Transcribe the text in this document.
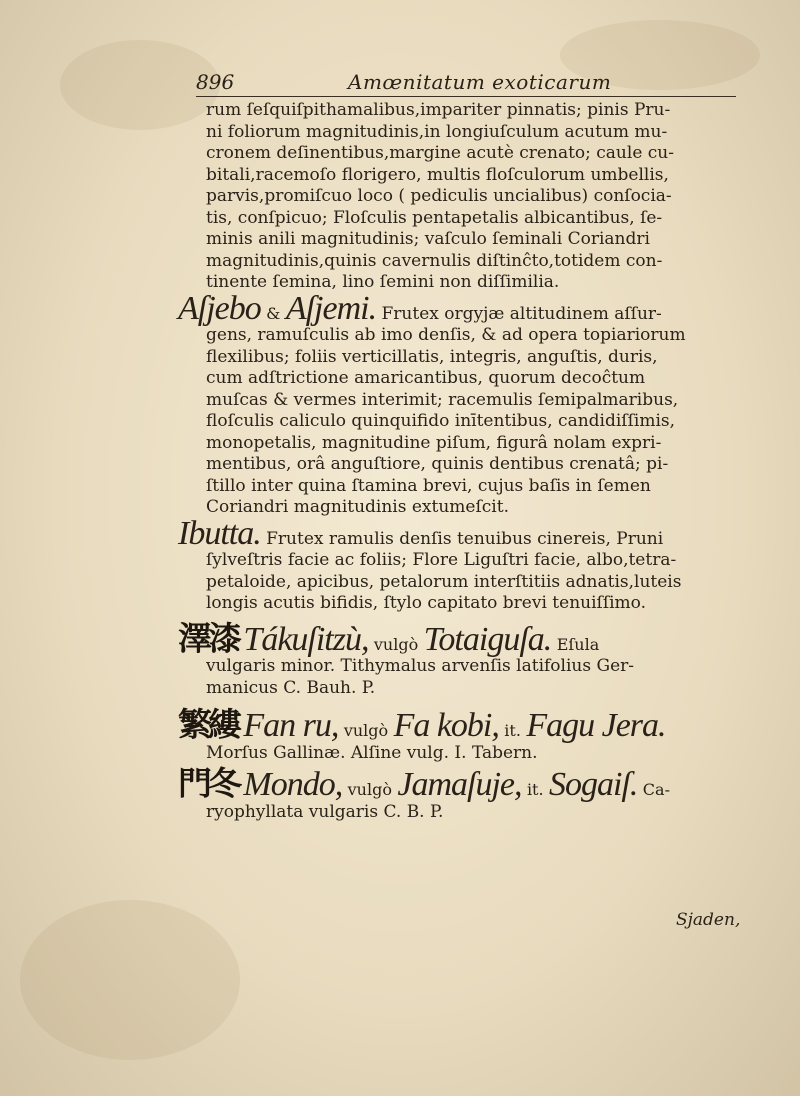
896	Amœnitatum exoticarum
rum ſeſquiſpithamalibus,impariter pinnatis; pinis Pru-
ni foliorum magnitudinis,in longiuſculum acutum mu-
cronem deſinentibus,margine acutè crenato; caule cu-
bitali,racemoſo florigero, multis floſculorum umbellis,
parvis,promiſcuo loco ( pediculis uncialibus) conſocia-
tis, conſpicuo; Floſculis pentapetalis albicantibus, ſe-
minis anili magnitudinis; vaſculo ſeminali Coriandri
magnitudinis,quinis cavernulis diſtinĉto,totidem con-
tinente ſemina, lino ſemini non diſſimilia.
Aſjebo & Aſjemi. Frutex orgyjæ altitudinem aſſur-
gens, ramuſculis ab imo denſis, & ad opera topiariorum
flexilibus; foliis verticillatis, integris, anguſtis, duris,
cum adſtrictione amaricantibus, quorum decoĉtum
muſcas & vermes interimit; racemulis ſemipalmaribus,
floſculis caliculo quinquifido inītentibus, candidiſſimis,
monopetalis, magnitudine piſum, figurâ nolam expri-
mentibus, orâ anguſtiore, quinis dentibus crenatâ; pi-
ſtillo inter quina ſtamina brevi, cujus baſis in ſemen
Coriandri magnitudinis extumeſcit.
Ibutta. Frutex ramulis denſis tenuibus cinereis, Pruni
ſylveſtris facie ac foliis; Flore Liguſtri facie, albo,tetra-
petaloide, apicibus, petalorum interſtitiis adnatis,luteis
longis acutis bifidis, ſtylo capitato brevi tenuiſſimo.
澤漆 Tákuſitzù, vulgò Totaiguſa. Eſula
vulgaris minor. Tithymalus arvenſis latifolius Ger-
manicus C. Bauh. P.
繁縷 Fan ru, vulgò Fa kobi, it. Fagu Jera.
Morſus Gallinæ. Alſine vulg. I. Tabern.
門冬 Mondo, vulgò Jamaſuje, it. Sogaiſ. Ca-
ryophyllata vulgaris C. B. P.
Sjaden,
